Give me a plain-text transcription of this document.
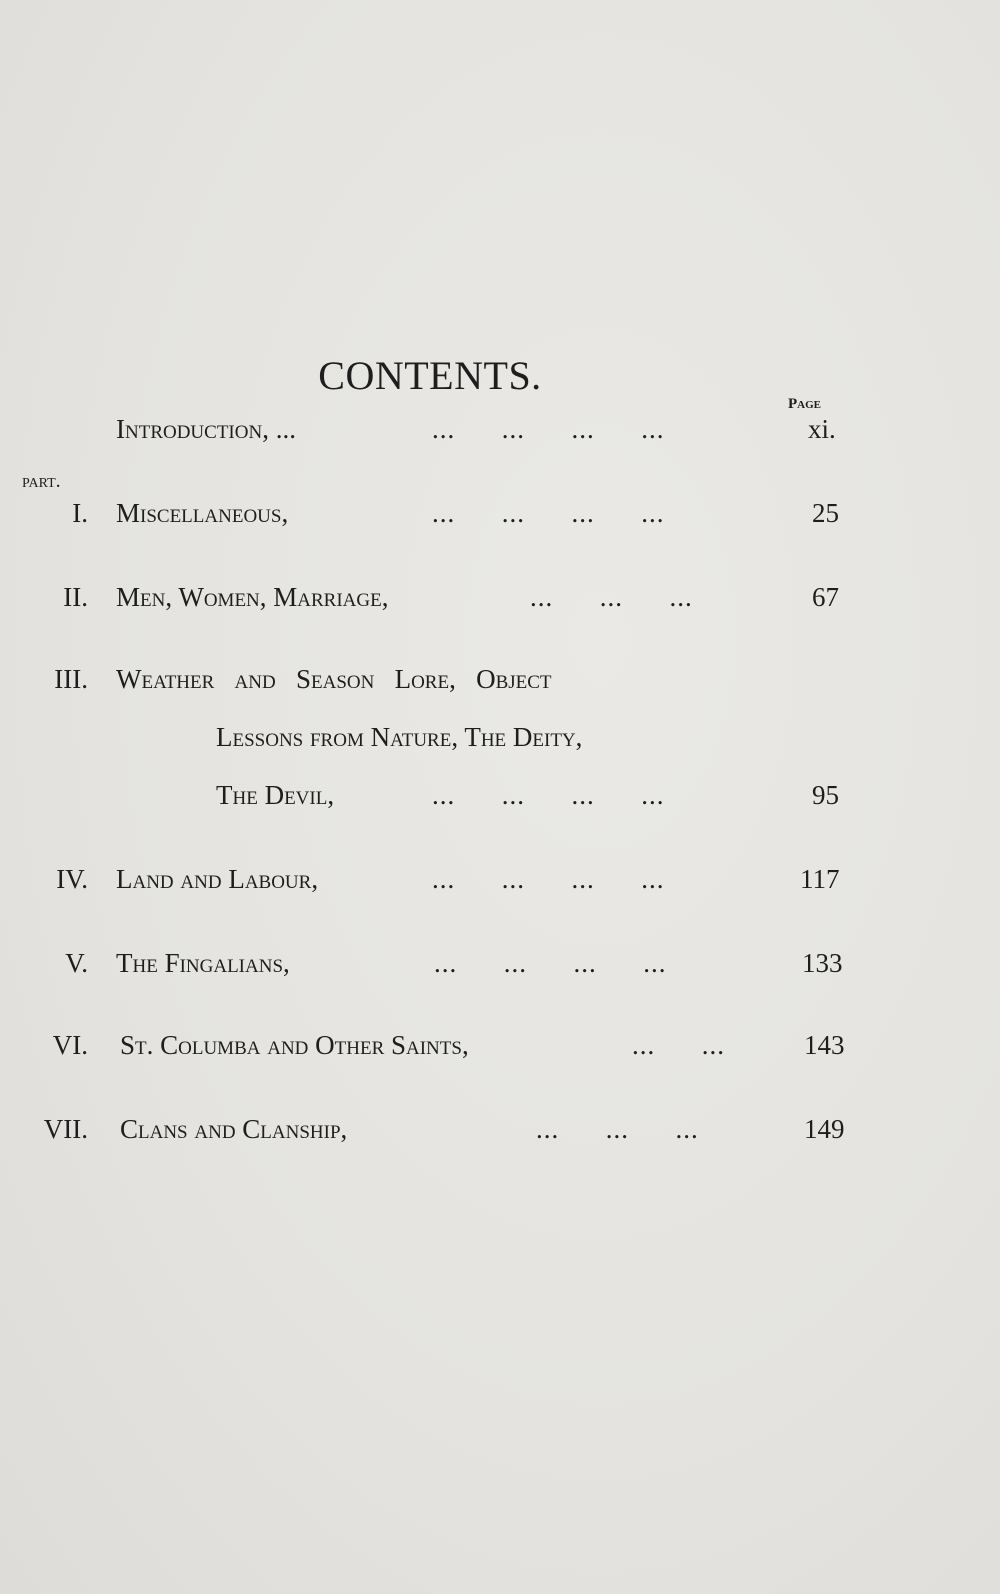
CONTENTS.
Page
Introduction, ...	...      ...      ...      ...	xi.
part.
I. Miscellaneous,	...      ...      ...      ...	25
II. Men, Women, Marriage,	...      ...      ...	67
III. Weather   and   Season   Lore,   Object
Lessons from Nature, The Deity,
The Devil,	...      ...      ...      ...	95
IV. Land and Labour,	...      ...      ...      ...	117
V. The Fingalians,	...      ...      ...      ...	133
VI. St. Columba and Other Saints,	...      ...	143
VII. Clans and Clanship,	...      ...      ...	149
